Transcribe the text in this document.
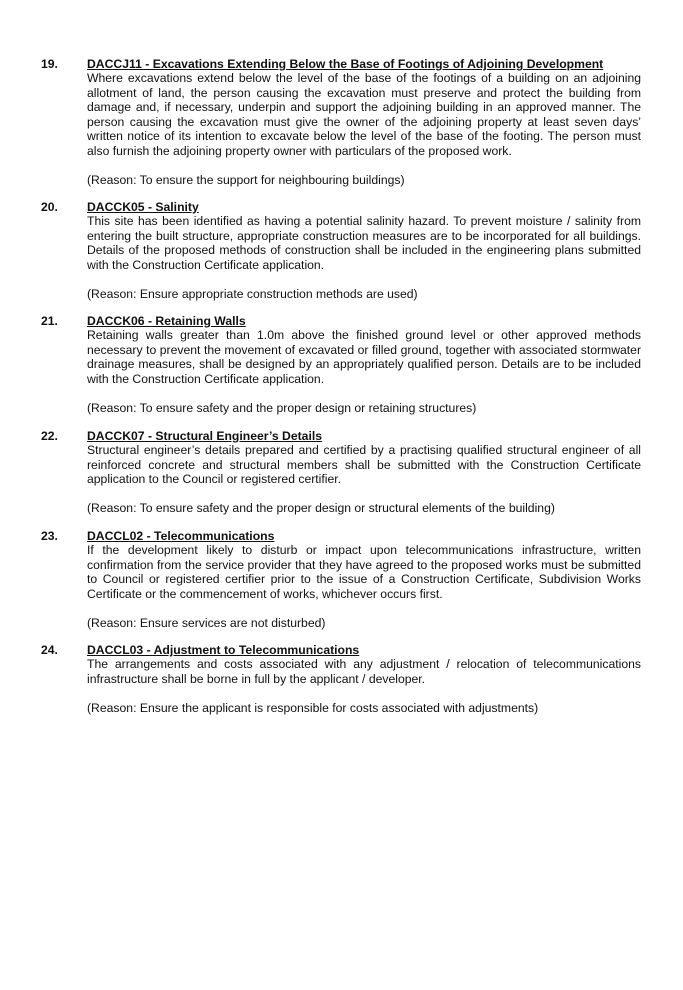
19. DACCJ11 - Excavations Extending Below the Base of Footings of Adjoining Development

Where excavations extend below the level of the base of the footings of a building on an adjoining allotment of land, the person causing the excavation must preserve and protect the building from damage and, if necessary, underpin and support the adjoining building in an approved manner. The person causing the excavation must give the owner of the adjoining property at least seven days’ written notice of its intention to excavate below the level of the base of the footing. The person must also furnish the adjoining property owner with particulars of the proposed work.

(Reason: To ensure the support for neighbouring buildings)

20. DACCK05 - Salinity

This site has been identified as having a potential salinity hazard. To prevent moisture / salinity from entering the built structure, appropriate construction measures are to be incorporated for all buildings. Details of the proposed methods of construction shall be included in the engineering plans submitted with the Construction Certificate application.

(Reason: Ensure appropriate construction methods are used)

21. DACCK06 - Retaining Walls

Retaining walls greater than 1.0m above the finished ground level or other approved methods necessary to prevent the movement of excavated or filled ground, together with associated stormwater drainage measures, shall be designed by an appropriately qualified person. Details are to be included with the Construction Certificate application.

(Reason: To ensure safety and the proper design or retaining structures)

22. DACCK07 - Structural Engineer’s Details

Structural engineer’s details prepared and certified by a practising qualified structural engineer of all reinforced concrete and structural members shall be submitted with the Construction Certificate application to the Council or registered certifier.

(Reason: To ensure safety and the proper design or structural elements of the building)

23. DACCL02 - Telecommunications

If the development likely to disturb or impact upon telecommunications infrastructure, written confirmation from the service provider that they have agreed to the proposed works must be submitted to Council or registered certifier prior to the issue of a Construction Certificate, Subdivision Works Certificate or the commencement of works, whichever occurs first.

(Reason: Ensure services are not disturbed)

24. DACCL03 - Adjustment to Telecommunications

The arrangements and costs associated with any adjustment / relocation of telecommunications infrastructure shall be borne in full by the applicant / developer.

(Reason: Ensure the applicant is responsible for costs associated with adjustments)
